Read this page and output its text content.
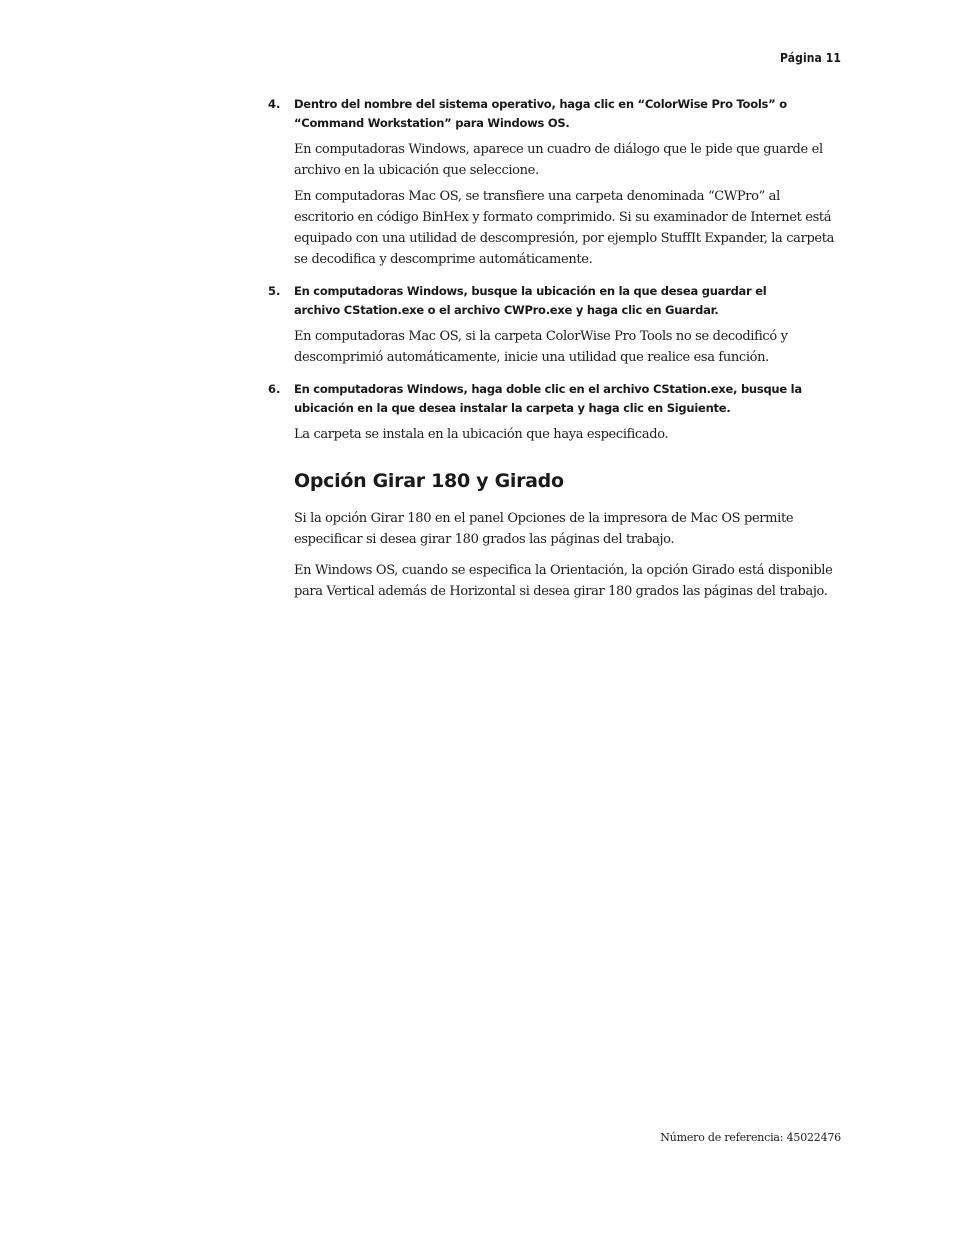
Página 11
4. Dentro del nombre del sistema operativo, haga clic en “ColorWise Pro Tools” o “Command Workstation” para Windows OS.

En computadoras Windows, aparece un cuadro de diálogo que le pide que guarde el archivo en la ubicación que seleccione.

En computadoras Mac OS, se transfiere una carpeta denominada “CWPro” al escritorio en código BinHex y formato comprimido. Si su examinador de Internet está equipado con una utilidad de descompresión, por ejemplo StuffIt Expander, la carpeta se decodifica y descomprime automáticamente.

5. En computadoras Windows, busque la ubicación en la que desea guardar el
archivo CStation.exe o el archivo CWPro.exe y haga clic en Guardar.

En computadoras Mac OS, si la carpeta ColorWise Pro Tools no se decodificó y descomprimió automáticamente, inicie una utilidad que realice esa función.

6. En computadoras Windows, haga doble clic en el archivo CStation.exe, busque la ubicación en la que desea instalar la carpeta y haga clic en Siguiente.

La carpeta se instala en la ubicación que haya especificado.

Opción Girar 180 y Girado

Si la opción Girar 180 en el panel Opciones de la impresora de Mac OS permite especificar si desea girar 180 grados las páginas del trabajo.

En Windows OS, cuando se especifica la Orientación, la opción Girado está disponible para Vertical además de Horizontal si desea girar 180 grados las páginas del trabajo.

Número de referencia: 45022476
